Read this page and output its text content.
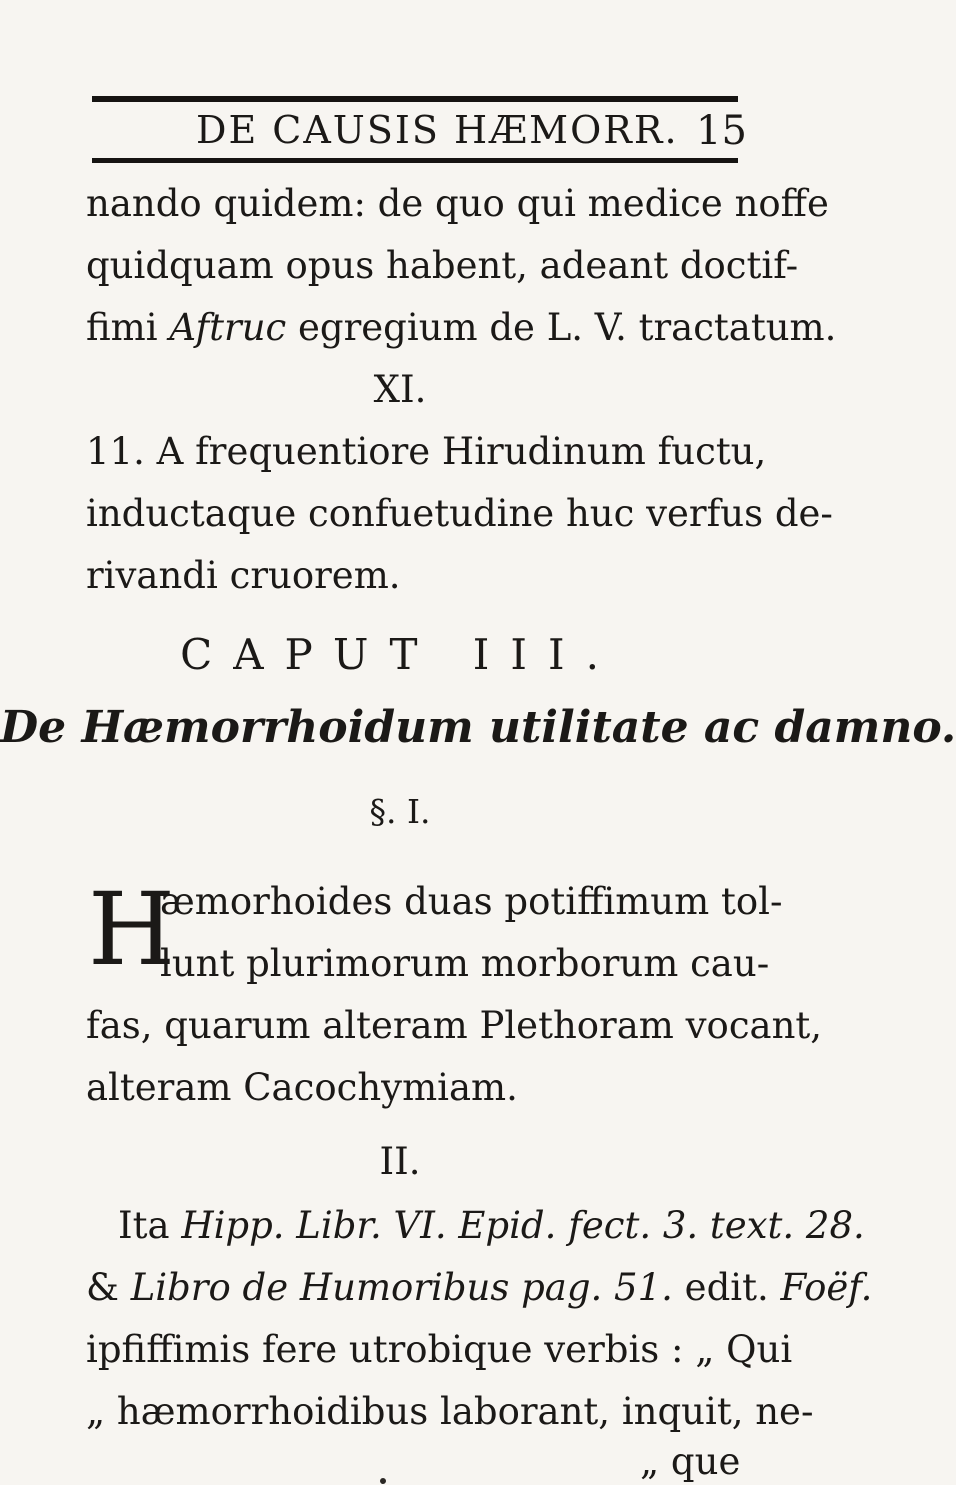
DE CAUSIS HÆMORR. 15
nando quidem: de quo qui medice noffe
quidquam opus habent, adeant doctif-
fimi Aftruc egregium de L. V. tractatum.
XI.
11. A frequentiore Hirudinum fuctu,
inductaque confuetudine huc verfus de-
rivandi cruorem.
CAPUT III.
De Hæmorrhoidum utilitate ac damno.
§. I.
H
æmorhoides duas potiffimum tol-
lunt plurimorum morborum cau-
fas, quarum alteram Plethoram vocant,
alteram Cacochymiam.
II.
Ita Hipp. Libr. VI. Epid. fect. 3. text. 28.
& Libro de Humoribus pag. 51. edit. Foëf.
ipfiffimis fere utrobique verbis : „ Qui
„ hæmorrhoidibus laborant, inquit, ne-
„ que
